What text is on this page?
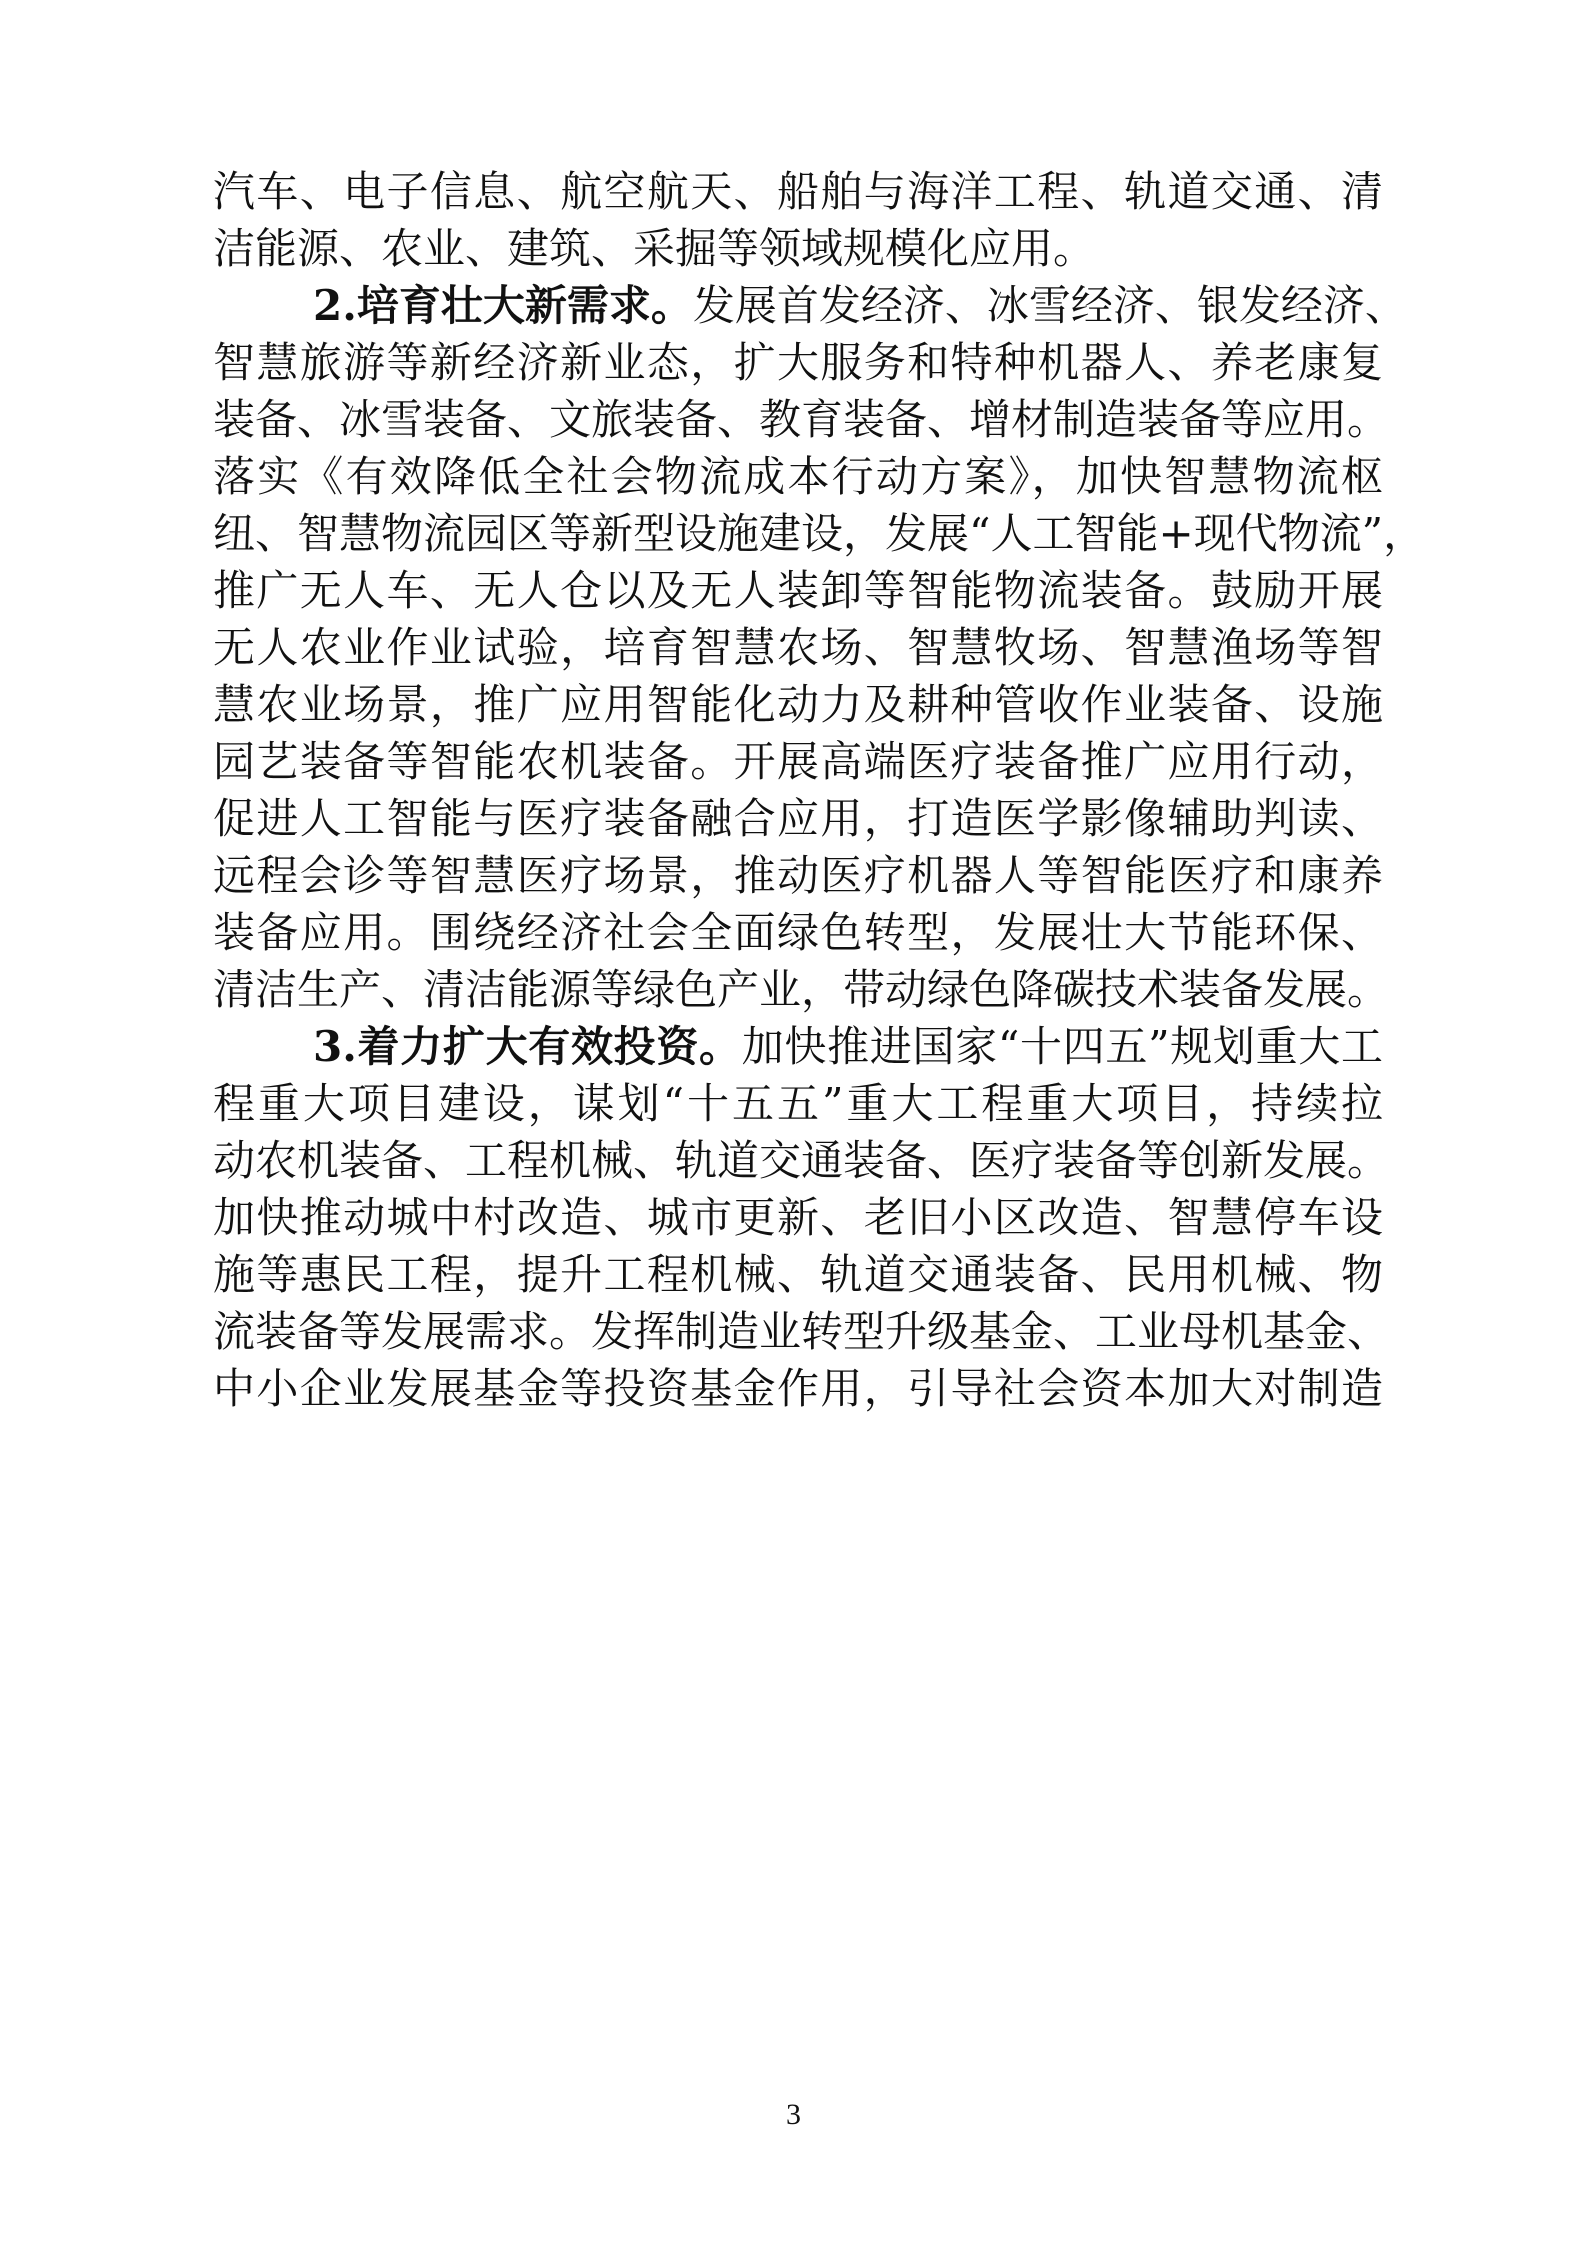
汽车、电子信息、航空航天、船舶与海洋工程、轨道交通、清
洁能源、农业、建筑、采掘等领域规模化应用。
2.培育壮大新需求。发展首发经济、冰雪经济、银发经济、
智慧旅游等新经济新业态，扩大服务和特种机器人、养老康复
装备、冰雪装备、文旅装备、教育装备、增材制造装备等应用。
落实《有效降低全社会物流成本行动方案》，加快智慧物流枢
纽、智慧物流园区等新型设施建设，发展“人工智能+现代物流”，
推广无人车、无人仓以及无人装卸等智能物流装备。鼓励开展
无人农业作业试验，培育智慧农场、智慧牧场、智慧渔场等智
慧农业场景，推广应用智能化动力及耕种管收作业装备、设施
园艺装备等智能农机装备。开展高端医疗装备推广应用行动，
促进人工智能与医疗装备融合应用，打造医学影像辅助判读、
远程会诊等智慧医疗场景，推动医疗机器人等智能医疗和康养
装备应用。围绕经济社会全面绿色转型，发展壮大节能环保、
清洁生产、清洁能源等绿色产业，带动绿色降碳技术装备发展。
3.着力扩大有效投资。加快推进国家“十四五”规划重大工
程重大项目建设，谋划“十五五”重大工程重大项目，持续拉
动农机装备、工程机械、轨道交通装备、医疗装备等创新发展。
加快推动城中村改造、城市更新、老旧小区改造、智慧停车设
施等惠民工程，提升工程机械、轨道交通装备、民用机械、物
流装备等发展需求。发挥制造业转型升级基金、工业母机基金、
中小企业发展基金等投资基金作用，引导社会资本加大对制造
3
